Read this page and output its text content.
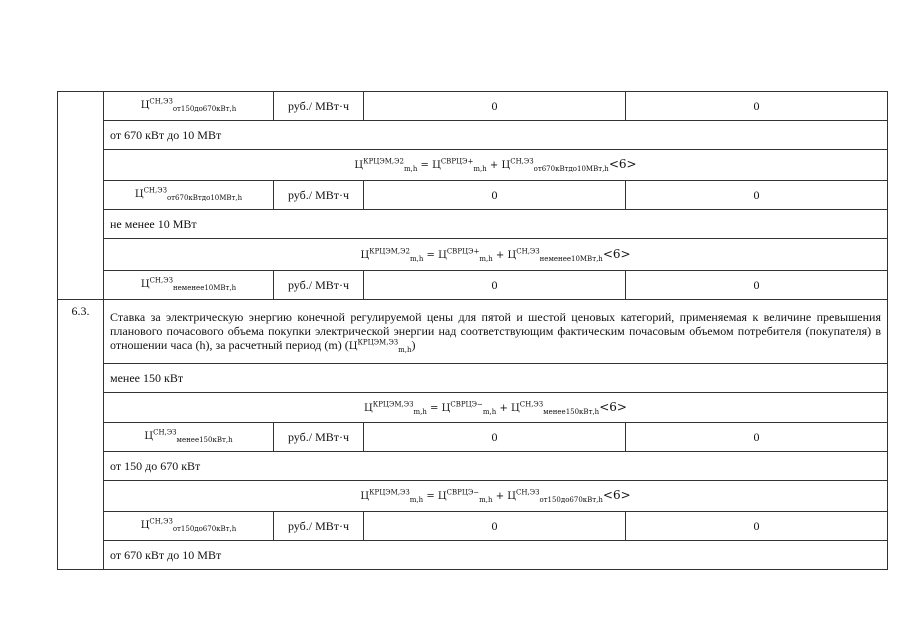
	$Ц^{СН,ЭЗ}_{от150до670кВт,h}$	руб./ МВт·ч	0	0
	от 670 кВт до 10 МВт			
	$Ц^{КРЦЭМ,Э2}_{m,h} = Ц^{СВРЦЭ+}_{m,h} + Ц^{СН,ЭЗ}_{от670кВтдо10МВт,h}<6>$			
	$Ц^{СН,ЭЗ}_{от670кВтдо10МВт,h}$	руб./ МВт·ч	0	0
	не менее 10 МВт			
	$Ц^{КРЦЭМ,Э2}_{m,h} = Ц^{СВРЦЭ+}_{m,h} + Ц^{СН,ЭЗ}_{неменее10МВт,h}<6>$			
	$Ц^{СН,ЭЗ}_{неменее10МВт,h}$	руб./ МВт·ч	0	0
6.3.	Ставка за электрическую энергию конечной регулируемой цены для пятой и шестой ценовых категорий, применяемая к величине превышения планового почасового объема покупки электрической энергии над соответствующим фактическим почасовым объемом потребителя (покупателя) в отношении часа (h), за расчетный период (m) $(Ц^{КРЦЭМ,ЭЗ}_{m,h})$			
	менее 150 кВт			
	$Ц^{КРЦЭМ,ЭЗ}_{m,h} = Ц^{СВРЦЭ-}_{m,h} + Ц^{СН,ЭЗ}_{менее150кВт,h}<6>$			
	$Ц^{СН,ЭЗ}_{менее150кВт,h}$	руб./ МВт·ч	0	0
	от 150 до 670 кВт			
	$Ц^{КРЦЭМ,ЭЗ}_{m,h} = Ц^{СВРЦЭ-}_{m,h} + Ц^{СН,ЭЗ}_{от150до670кВт,h}<6>$			
	$Ц^{СН,ЭЗ}_{от150до670кВт,h}$	руб./ МВт·ч	0	0
	от 670 кВт до 10 МВт			
